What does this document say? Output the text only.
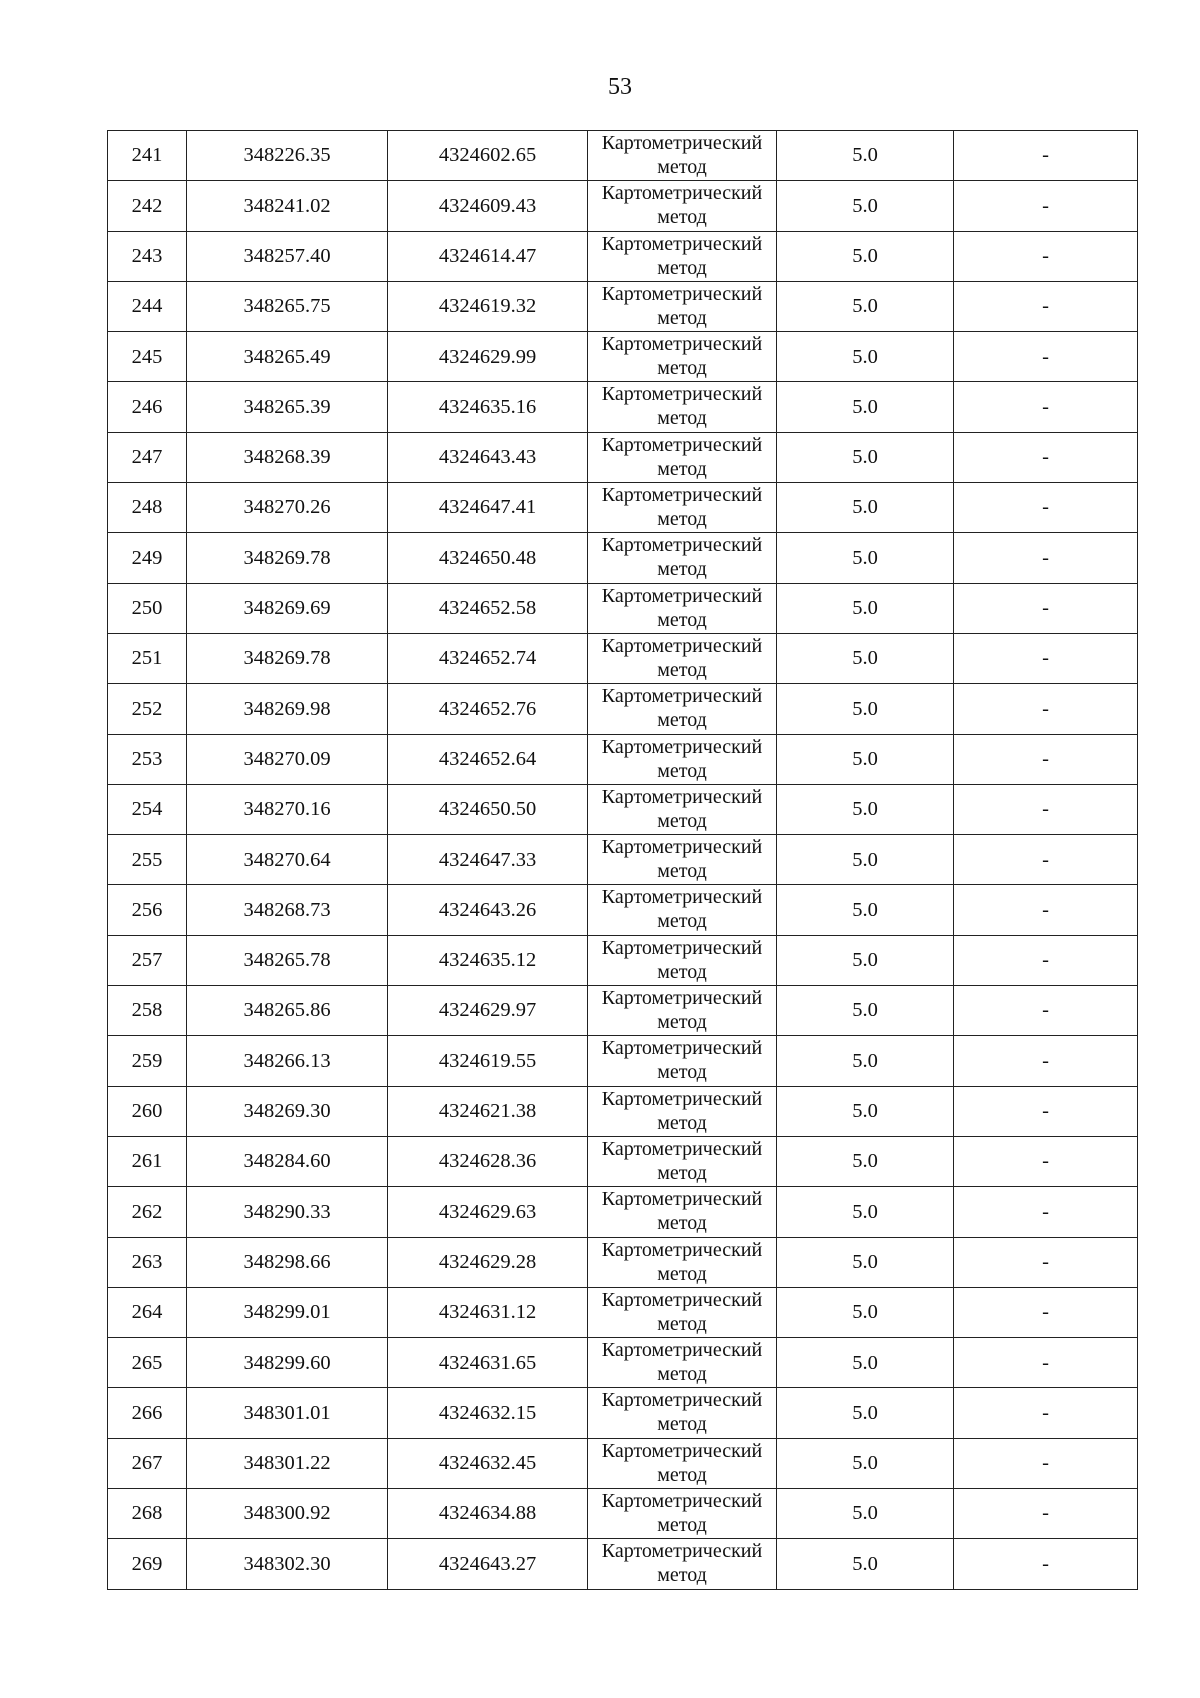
53
241	348226.35	4324602.65	Картометрический
метод	5.0	-
242	348241.02	4324609.43	Картометрический
метод	5.0	-
243	348257.40	4324614.47	Картометрический
метод	5.0	-
244	348265.75	4324619.32	Картометрический
метод	5.0	-
245	348265.49	4324629.99	Картометрический
метод	5.0	-
246	348265.39	4324635.16	Картометрический
метод	5.0	-
247	348268.39	4324643.43	Картометрический
метод	5.0	-
248	348270.26	4324647.41	Картометрический
метод	5.0	-
249	348269.78	4324650.48	Картометрический
метод	5.0	-
250	348269.69	4324652.58	Картометрический
метод	5.0	-
251	348269.78	4324652.74	Картометрический
метод	5.0	-
252	348269.98	4324652.76	Картометрический
метод	5.0	-
253	348270.09	4324652.64	Картометрический
метод	5.0	-
254	348270.16	4324650.50	Картометрический
метод	5.0	-
255	348270.64	4324647.33	Картометрический
метод	5.0	-
256	348268.73	4324643.26	Картометрический
метод	5.0	-
257	348265.78	4324635.12	Картометрический
метод	5.0	-
258	348265.86	4324629.97	Картометрический
метод	5.0	-
259	348266.13	4324619.55	Картометрический
метод	5.0	-
260	348269.30	4324621.38	Картометрический
метод	5.0	-
261	348284.60	4324628.36	Картометрический
метод	5.0	-
262	348290.33	4324629.63	Картометрический
метод	5.0	-
263	348298.66	4324629.28	Картометрический
метод	5.0	-
264	348299.01	4324631.12	Картометрический
метод	5.0	-
265	348299.60	4324631.65	Картометрический
метод	5.0	-
266	348301.01	4324632.15	Картометрический
метод	5.0	-
267	348301.22	4324632.45	Картометрический
метод	5.0	-
268	348300.92	4324634.88	Картометрический
метод	5.0	-
269	348302.30	4324643.27	Картометрический
метод	5.0	-
